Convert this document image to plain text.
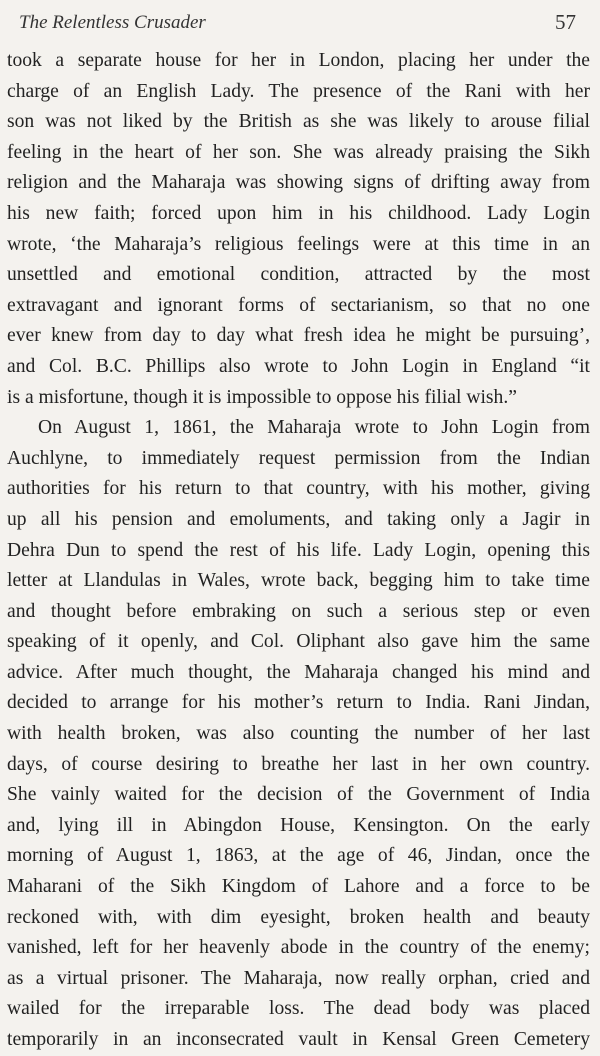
The Relentless Crusader	57
took a separate house for her in London, placing her under the
charge of an English Lady. The presence of the Rani with her
son was not liked by the British as she was likely to arouse filial
feeling in the heart of her son. She was already praising the Sikh
religion and the Maharaja was showing signs of drifting away from
his new faith; forced upon him in his childhood. Lady Login
wrote, ‘the Maharaja’s religious feelings were at this time in an
unsettled and emotional condition, attracted by the most
extravagant and ignorant forms of sectarianism, so that no one
ever knew from day to day what fresh idea he might be pursuing’,
and Col. B.C. Phillips also wrote to John Login in England “it
is a misfortune, though it is impossible to oppose his filial wish.”
On August 1, 1861, the Maharaja wrote to John Login from
Auchlyne, to immediately request permission from the Indian
authorities for his return to that country, with his mother, giving
up all his pension and emoluments, and taking only a Jagir in
Dehra Dun to spend the rest of his life. Lady Login, opening this
letter at Llandulas in Wales, wrote back, begging him to take time
and thought before embraking on such a serious step or even
speaking of it openly, and Col. Oliphant also gave him the same
advice. After much thought, the Maharaja changed his mind and
decided to arrange for his mother’s return to India. Rani Jindan,
with health broken, was also counting the number of her last
days, of course desiring to breathe her last in her own country.
She vainly waited for the decision of the Government of India
and, lying ill in Abingdon House, Kensington. On the early
morning of August 1, 1863, at the age of 46, Jindan, once the
Maharani of the Sikh Kingdom of Lahore and a force to be
reckoned with, with dim eyesight, broken health and beauty
vanished, left for her heavenly abode in the country of the enemy;
as a virtual prisoner. The Maharaja, now really orphan, cried and
wailed for the irreparable loss. The dead body was placed
temporarily in an inconsecrated vault in Kensal Green Cemetery
